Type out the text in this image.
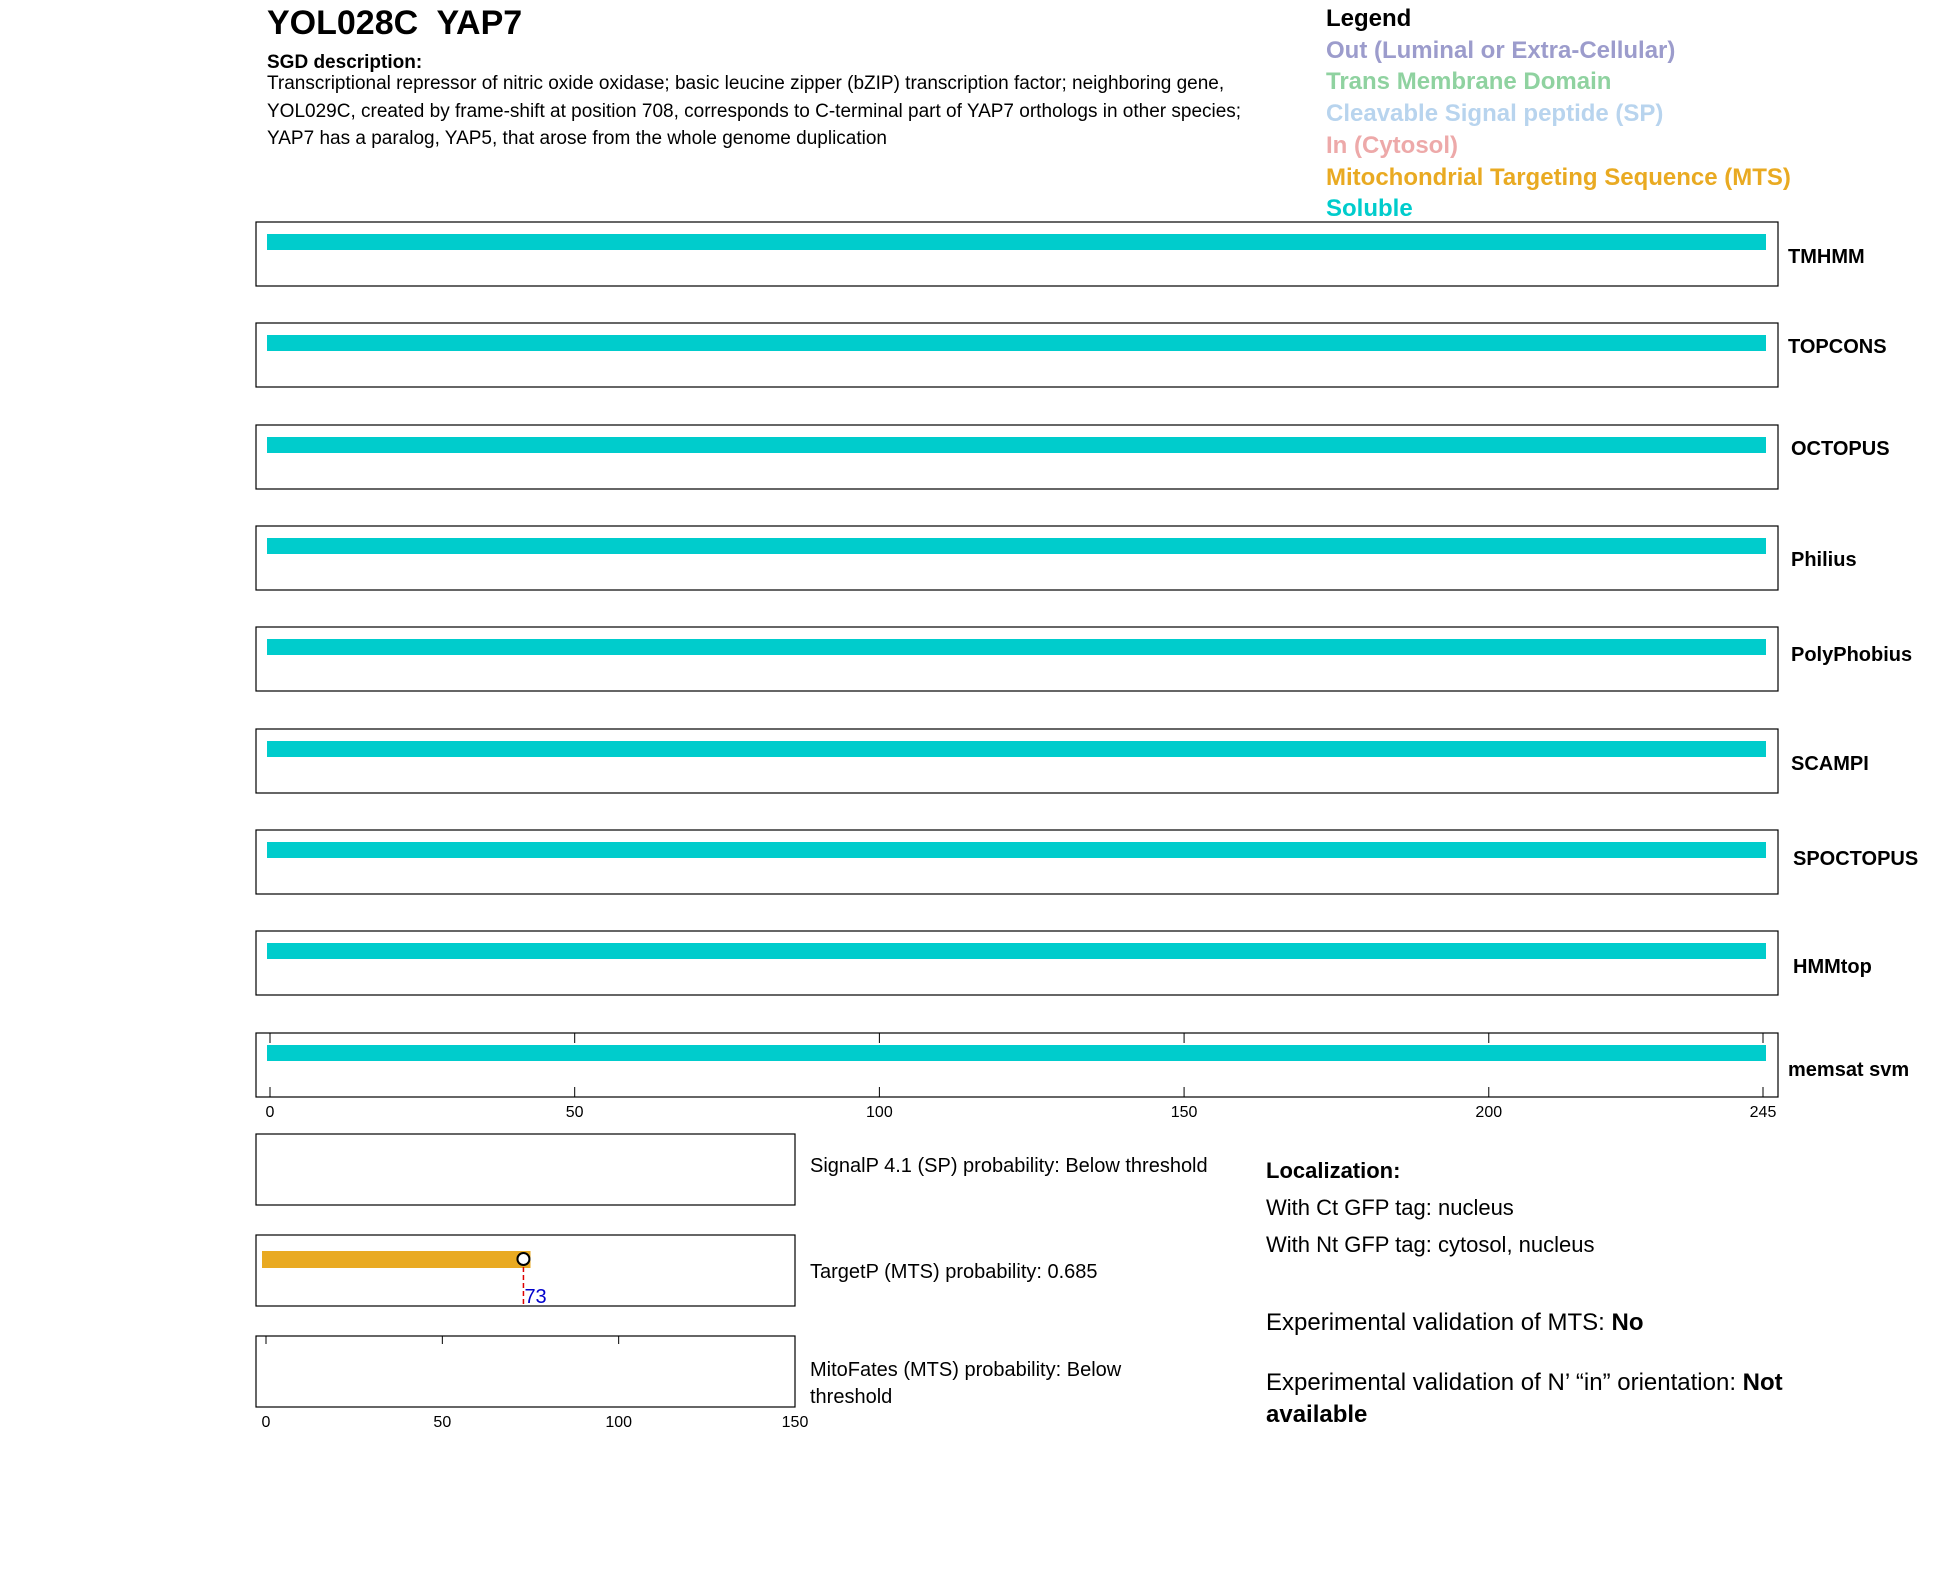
YOL028C  YAP7
SGD description:
Transcriptional repressor of nitric oxide oxidase; basic leucine zipper (bZIP) transcription factor; neighboring gene, YOL029C, created by frame-shift at position 708, corresponds to C-terminal part of YAP7 orthologs in other species; YAP7 has a paralog, YAP5, that arose from the whole genome duplication
Legend
Out (Luminal or Extra-Cellular)
Trans Membrane Domain
Cleavable Signal peptide (SP)
In (Cytosol)
Mitochondrial Targeting Sequence (MTS)
Soluble
TMHMM
TOPCONS
OCTOPUS
Philius
PolyPhobius
SCAMPI
SPOCTOPUS
HMMtop
memsat svm
0	50	100	150	200	245
SignalP 4.1 (SP) probability: Below threshold
73
TargetP (MTS) probability: 0.685
MitoFates (MTS) probability: Below
threshold
0	50	100	150
Localization:
With Ct GFP tag: nucleus
With Nt GFP tag: cytosol, nucleus
Experimental validation of MTS: No
Experimental validation of N’ “in” orientation: Not available
